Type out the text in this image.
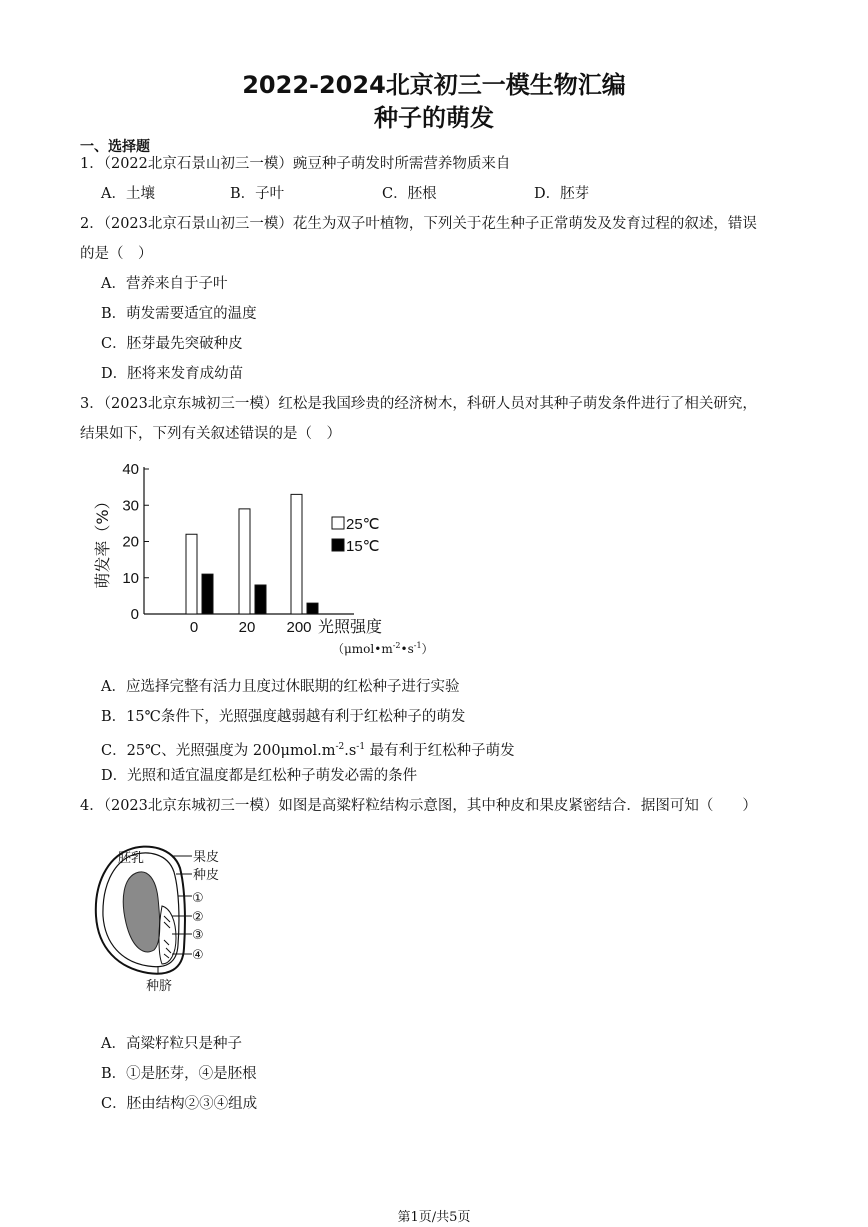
2022-2024北京初三一模生物汇编
种子的萌发
一、选择题
1．（2022北京石景山初三一模）豌豆种子萌发时所需营养物质来自
A．土壤	B．子叶	C．胚根	D．胚芽
2．（2023北京石景山初三一模）花生为双子叶植物，下列关于花生种子正常萌发及发育过程的叙述，错误
的是（　）
A．营养来自于子叶
B．萌发需要适宜的温度
C．胚芽最先突破种皮
D．胚将来发育成幼苗
3．（2023北京东城初三一模）红松是我国珍贵的经济树木，科研人员对其种子萌发条件进行了相关研究，
结果如下，下列有关叙述错误的是（　）
0
10
20
30
40
0	20 200
萌发率（%）
光照强度
$(\mu mol•m^{-2}•s^{-1})$
25℃
15℃
A．应选择完整有活力且度过休眠期的红松种子进行实验
B．15℃条件下，光照强度越弱越有利于红松种子的萌发
C．25℃、光照强度为 $200\mu mol.m^{-2}.s^{-1}$ 最有利于红松种子萌发
D．光照和适宜温度都是红松种子萌发必需的条件
4．（2023北京东城初三一模）如图是高粱籽粒结构示意图，其中种皮和果皮紧密结合．据图可知（　　）
胚乳	果皮
种皮
①
②
③
④
种脐
A．高粱籽粒只是种子
B．①是胚芽，④是胚根
C．胚由结构②③④组成
第1页/共5页
